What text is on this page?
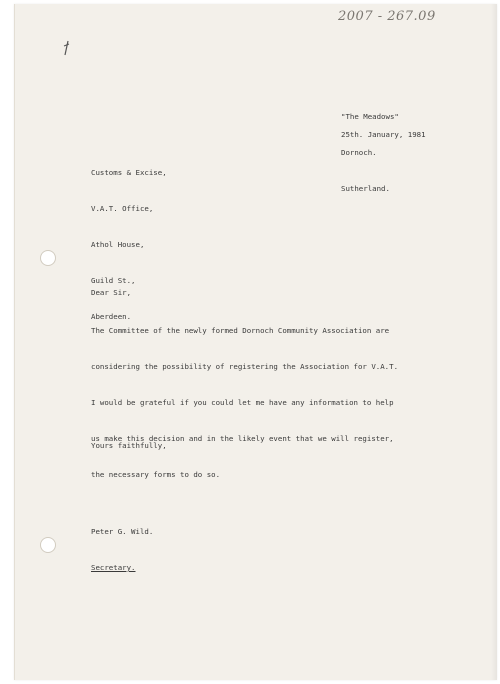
2007 - 267.09

"The Meadows"

Dornoch.

Sutherland.

25th. January, 1981

Customs & Excise,

V.A.T. Office,

Athol House,

Guild St.,

Aberdeen.

Dear Sir,

The Committee of the newly formed Dornoch Community Association are

considering the possibility of registering the Association for V.A.T.

I would be grateful if you could let me have any information to help

us make this decision and in the likely event that we will register,

the necessary forms to do so.

Yours faithfully,

Peter G. Wild.

Secretary.
